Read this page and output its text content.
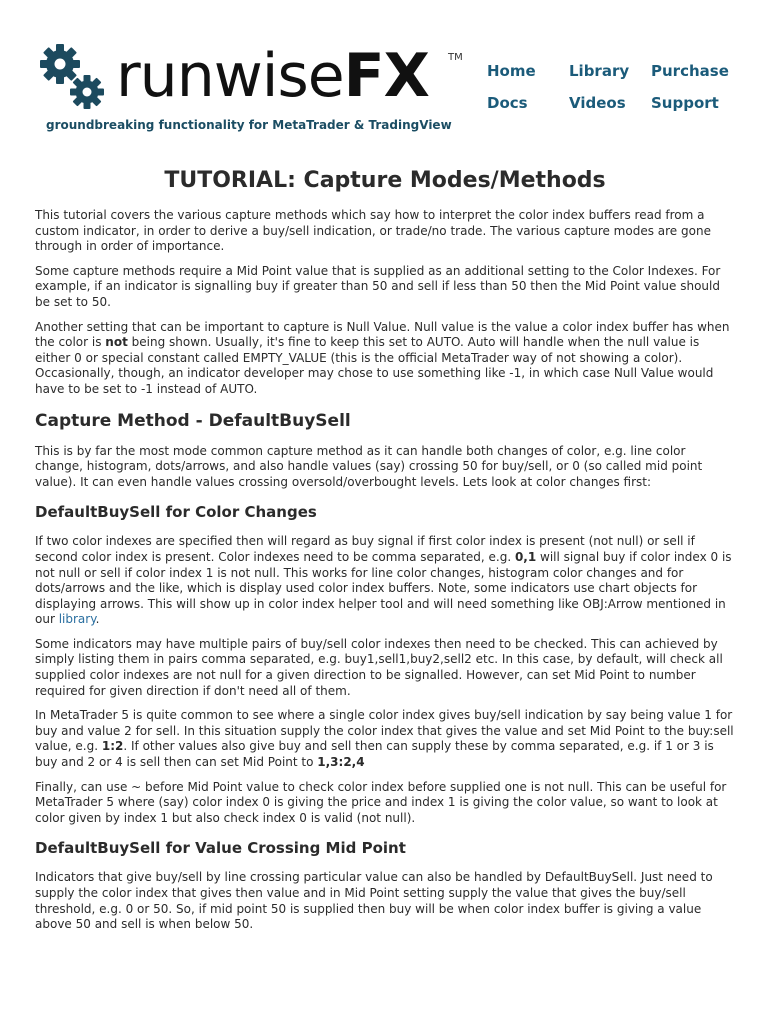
runwiseFX TM
groundbreaking functionality for MetaTrader & TradingView
Home	Library	Purchase
Docs	Videos	Support
TUTORIAL: Capture Modes/Methods

This tutorial covers the various capture methods which say how to interpret the color index buffers read from a custom indicator, in order to derive a buy/sell indication, or trade/no trade. The various capture modes are gone through in order of importance.

Some capture methods require a Mid Point value that is supplied as an additional setting to the Color Indexes. For example, if an indicator is signalling buy if greater than 50 and sell if less than 50 then the Mid Point value should be set to 50.

Another setting that can be important to capture is Null Value. Null value is the value a color index buffer has when the color is not being shown. Usually, it's fine to keep this set to AUTO. Auto will handle when the null value is either 0 or special constant called EMPTY_VALUE (this is the official MetaTrader way of not showing a color). Occasionally, though, an indicator developer may chose to use something like -1, in which case Null Value would have to be set to -1 instead of AUTO.

Capture Method - DefaultBuySell

This is by far the most mode common capture method as it can handle both changes of color, e.g. line color change, histogram, dots/arrows, and also handle values (say) crossing 50 for buy/sell, or 0 (so called mid point value). It can even handle values crossing oversold/overbought levels. Lets look at color changes first:

DefaultBuySell for Color Changes

If two color indexes are specified then will regard as buy signal if first color index is present (not null) or sell if second color index is present. Color indexes need to be comma separated, e.g. 0,1 will signal buy if color index 0 is not null or sell if color index 1 is not null. This works for line color changes, histogram color changes and for dots/arrows and the like, which is display used color index buffers. Note, some indicators use chart objects for displaying arrows. This will show up in color index helper tool and will need something like OBJ:Arrow mentioned in our library.

Some indicators may have multiple pairs of buy/sell color indexes then need to be checked. This can achieved by simply listing them in pairs comma separated, e.g. buy1,sell1,buy2,sell2 etc. In this case, by default, will check all supplied color indexes are not null for a given direction to be signalled. However, can set Mid Point to number required for given direction if don't need all of them.

In MetaTrader 5 is quite common to see where a single color index gives buy/sell indication by say being value 1 for buy and value 2 for sell. In this situation supply the color index that gives the value and set Mid Point to the buy:sell value, e.g. 1:2. If other values also give buy and sell then can supply these by comma separated, e.g. if 1 or 3 is buy and 2 or 4 is sell then can set Mid Point to 1,3:2,4

Finally, can use ~ before Mid Point value to check color index before supplied one is not null. This can be useful for MetaTrader 5 where (say) color index 0 is giving the price and index 1 is giving the color value, so want to look at color given by index 1 but also check index 0 is valid (not null).

DefaultBuySell for Value Crossing Mid Point

Indicators that give buy/sell by line crossing particular value can also be handled by DefaultBuySell. Just need to supply the color index that gives then value and in Mid Point setting supply the value that gives the buy/sell threshold, e.g. 0 or 50. So, if mid point 50 is supplied then buy will be when color index buffer is giving a value above 50 and sell is when below 50.
